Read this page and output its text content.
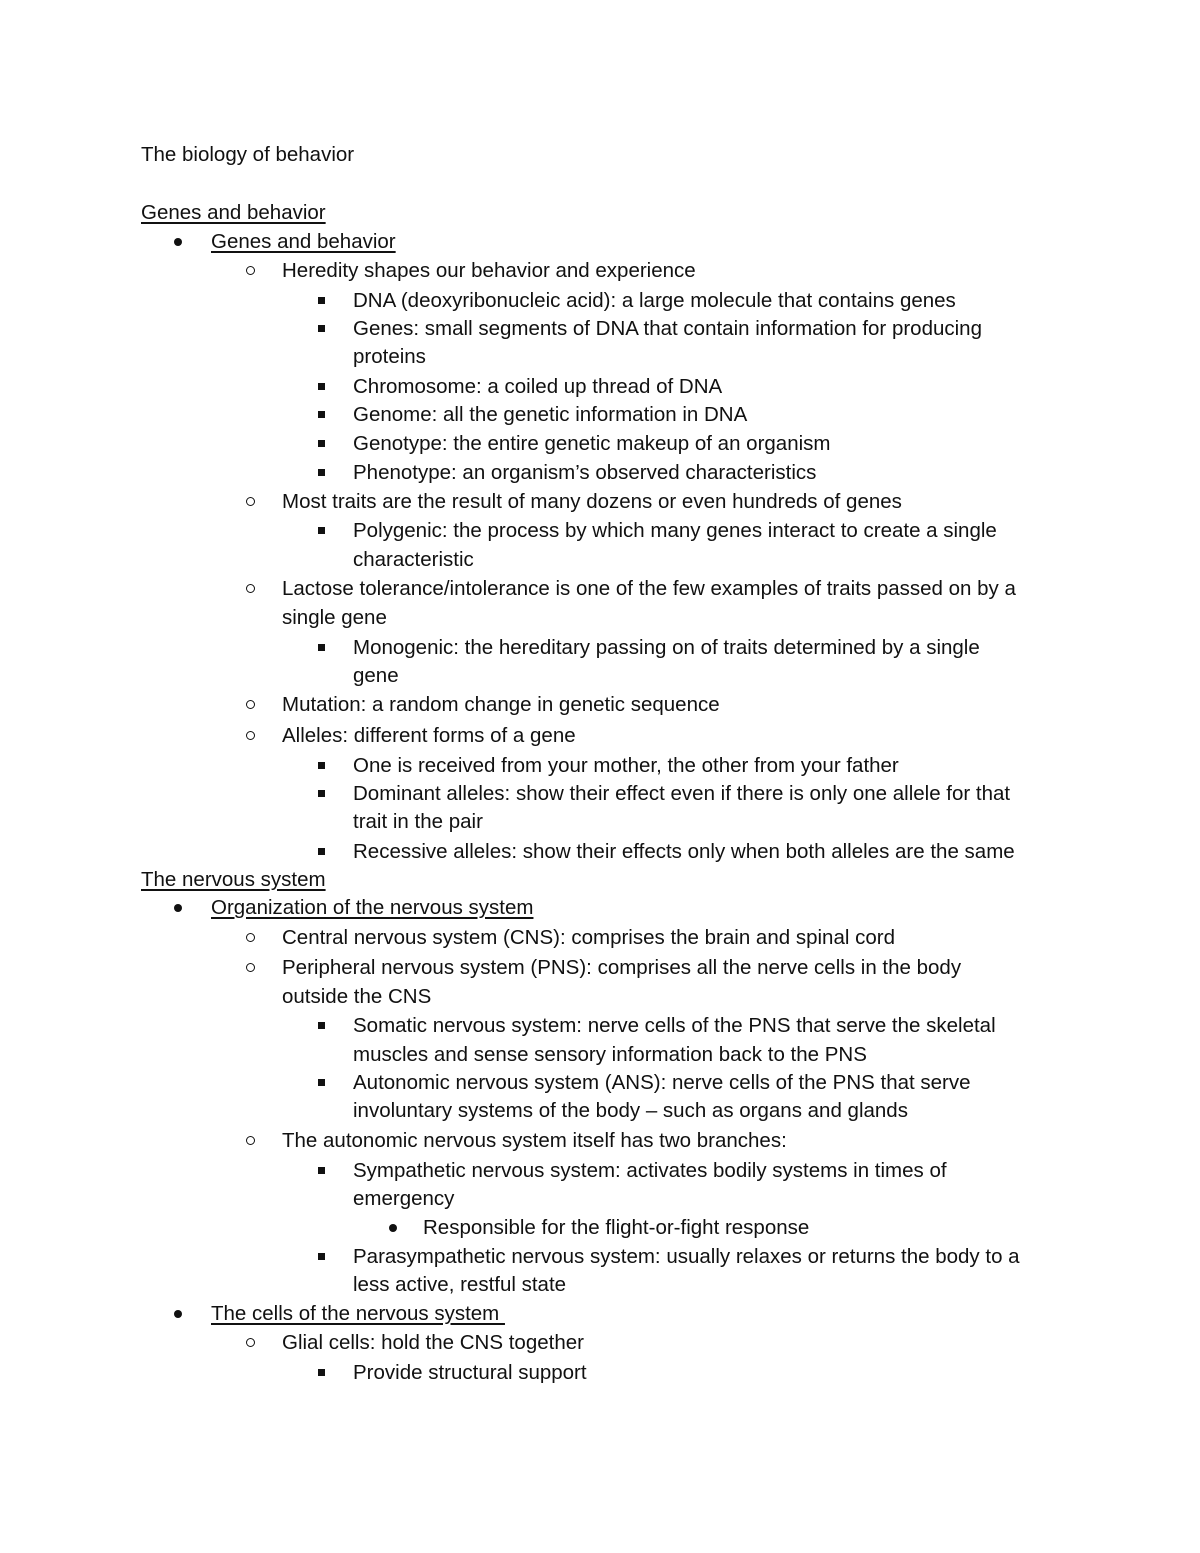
The biology of behavior
Genes and behavior
Genes and behavior
Heredity shapes our behavior and experience
DNA (deoxyribonucleic acid): a large molecule that contains genes
Genes: small segments of DNA that contain information for producing
proteins
Chromosome: a coiled up thread of DNA
Genome: all the genetic information in DNA
Genotype: the entire genetic makeup of an organism
Phenotype: an organism’s observed characteristics
Most traits are the result of many dozens or even hundreds of genes
Polygenic: the process by which many genes interact to create a single
characteristic
Lactose tolerance/intolerance is one of the few examples of traits passed on by a
single gene
Monogenic: the hereditary passing on of traits determined by a single
gene
Mutation: a random change in genetic sequence
Alleles: different forms of a gene
One is received from your mother, the other from your father
Dominant alleles: show their effect even if there is only one allele for that
trait in the pair
Recessive alleles: show their effects only when both alleles are the same
The nervous system
Organization of the nervous system
Central nervous system (CNS): comprises the brain and spinal cord
Peripheral nervous system (PNS): comprises all the nerve cells in the body
outside the CNS
Somatic nervous system: nerve cells of the PNS that serve the skeletal
muscles and sense sensory information back to the PNS
Autonomic nervous system (ANS): nerve cells of the PNS that serve
involuntary systems of the body – such as organs and glands
The autonomic nervous system itself has two branches:
Sympathetic nervous system: activates bodily systems in times of
emergency
Responsible for the flight-or-fight response
Parasympathetic nervous system: usually relaxes or returns the body to a
less active, restful state
The cells of the nervous system
Glial cells: hold the CNS together
Provide structural support
